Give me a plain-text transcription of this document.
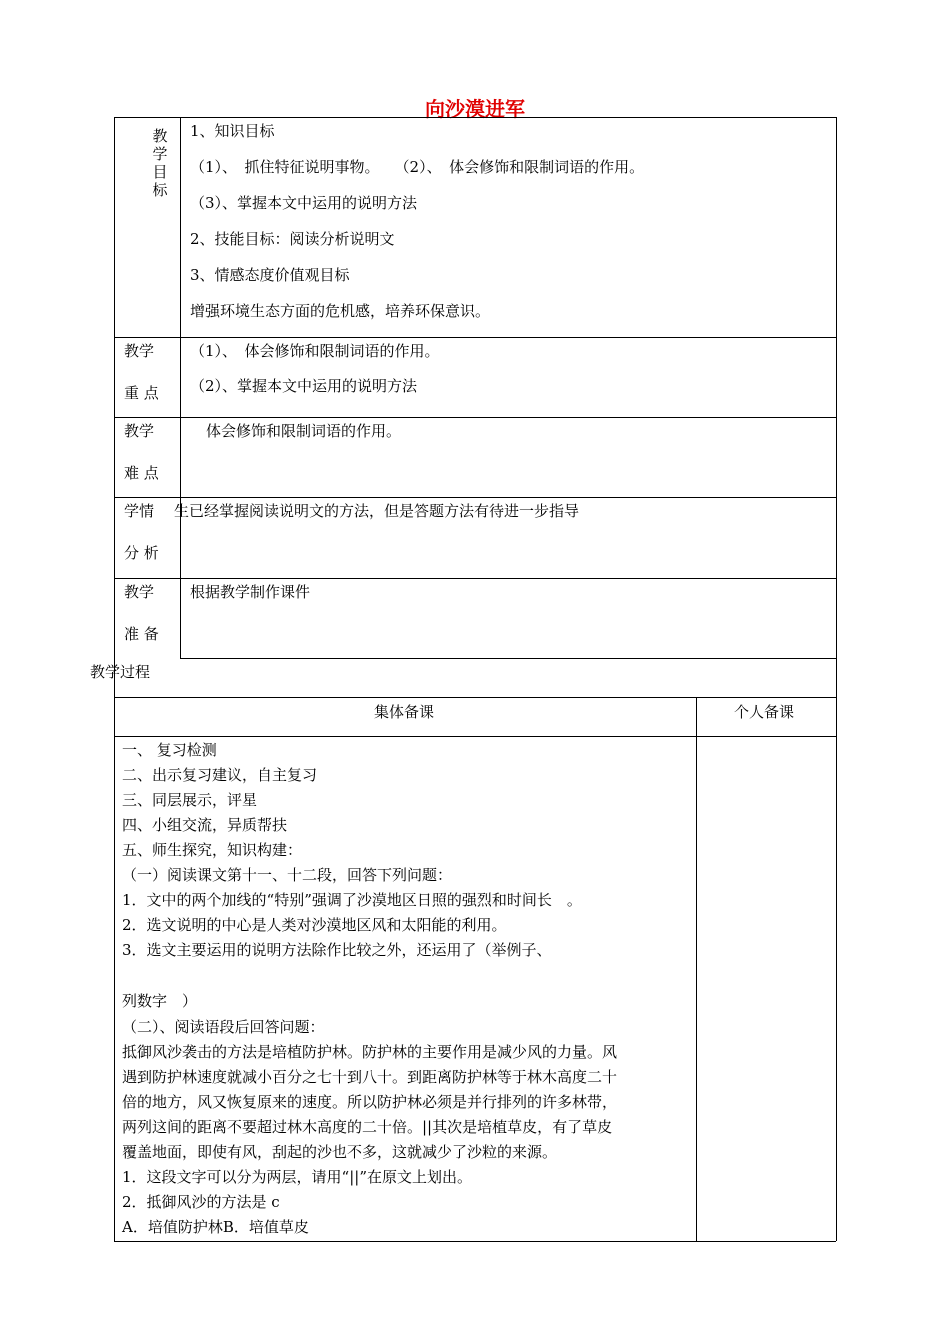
向沙漠进军
教学目标
1、知识目标
（1）、　抓住特征说明事物。　　（2）、　体会修饰和限制词语的作用。
（3）、掌握本文中运用的说明方法
2、技能目标：阅读分析说明文
3、情感态度价值观目标
增强环境生态方面的危机感，培养环保意识。
教学
重 点
（1）、　体会修饰和限制词语的作用。
（2）、掌握本文中运用的说明方法
教学
难 点
体会修饰和限制词语的作用。
学情
分 析
生已经掌握阅读说明文的方法，但是答题方法有待进一步指导
教学
准 备
根据教学制作课件
教学过程
集体备课	个人备课
一、 复习检测
二、出示复习建议，自主复习
三、同层展示，评星
四、小组交流，异质帮扶
五、师生探究，知识构建：
（一）阅读课文第十一、十二段，回答下列问题：
1．文中的两个加线的“特别”强调了沙漠地区日照的强烈和时间长　。
2．选文说明的中心是人类对沙漠地区风和太阳能的利用。
3．选文主要运用的说明方法除作比较之外，还运用了（举例子、
列数字　）
（二）、阅读语段后回答问题：
抵御风沙袭击的方法是培植防护林。防护林的主要作用是减少风的力量。风
遇到防护林速度就减小百分之七十到八十。到距离防护林等于林木高度二十
倍的地方，风又恢复原来的速度。所以防护林必须是并行排列的许多林带，
两列这间的距离不要超过林木高度的二十倍。||其次是培植草皮，有了草皮
覆盖地面，即使有风，刮起的沙也不多，这就减少了沙粒的来源。
1．这段文字可以分为两层，请用“||”在原文上划出。
2．抵御风沙的方法是 c
A．培值防护林B．培值草皮
